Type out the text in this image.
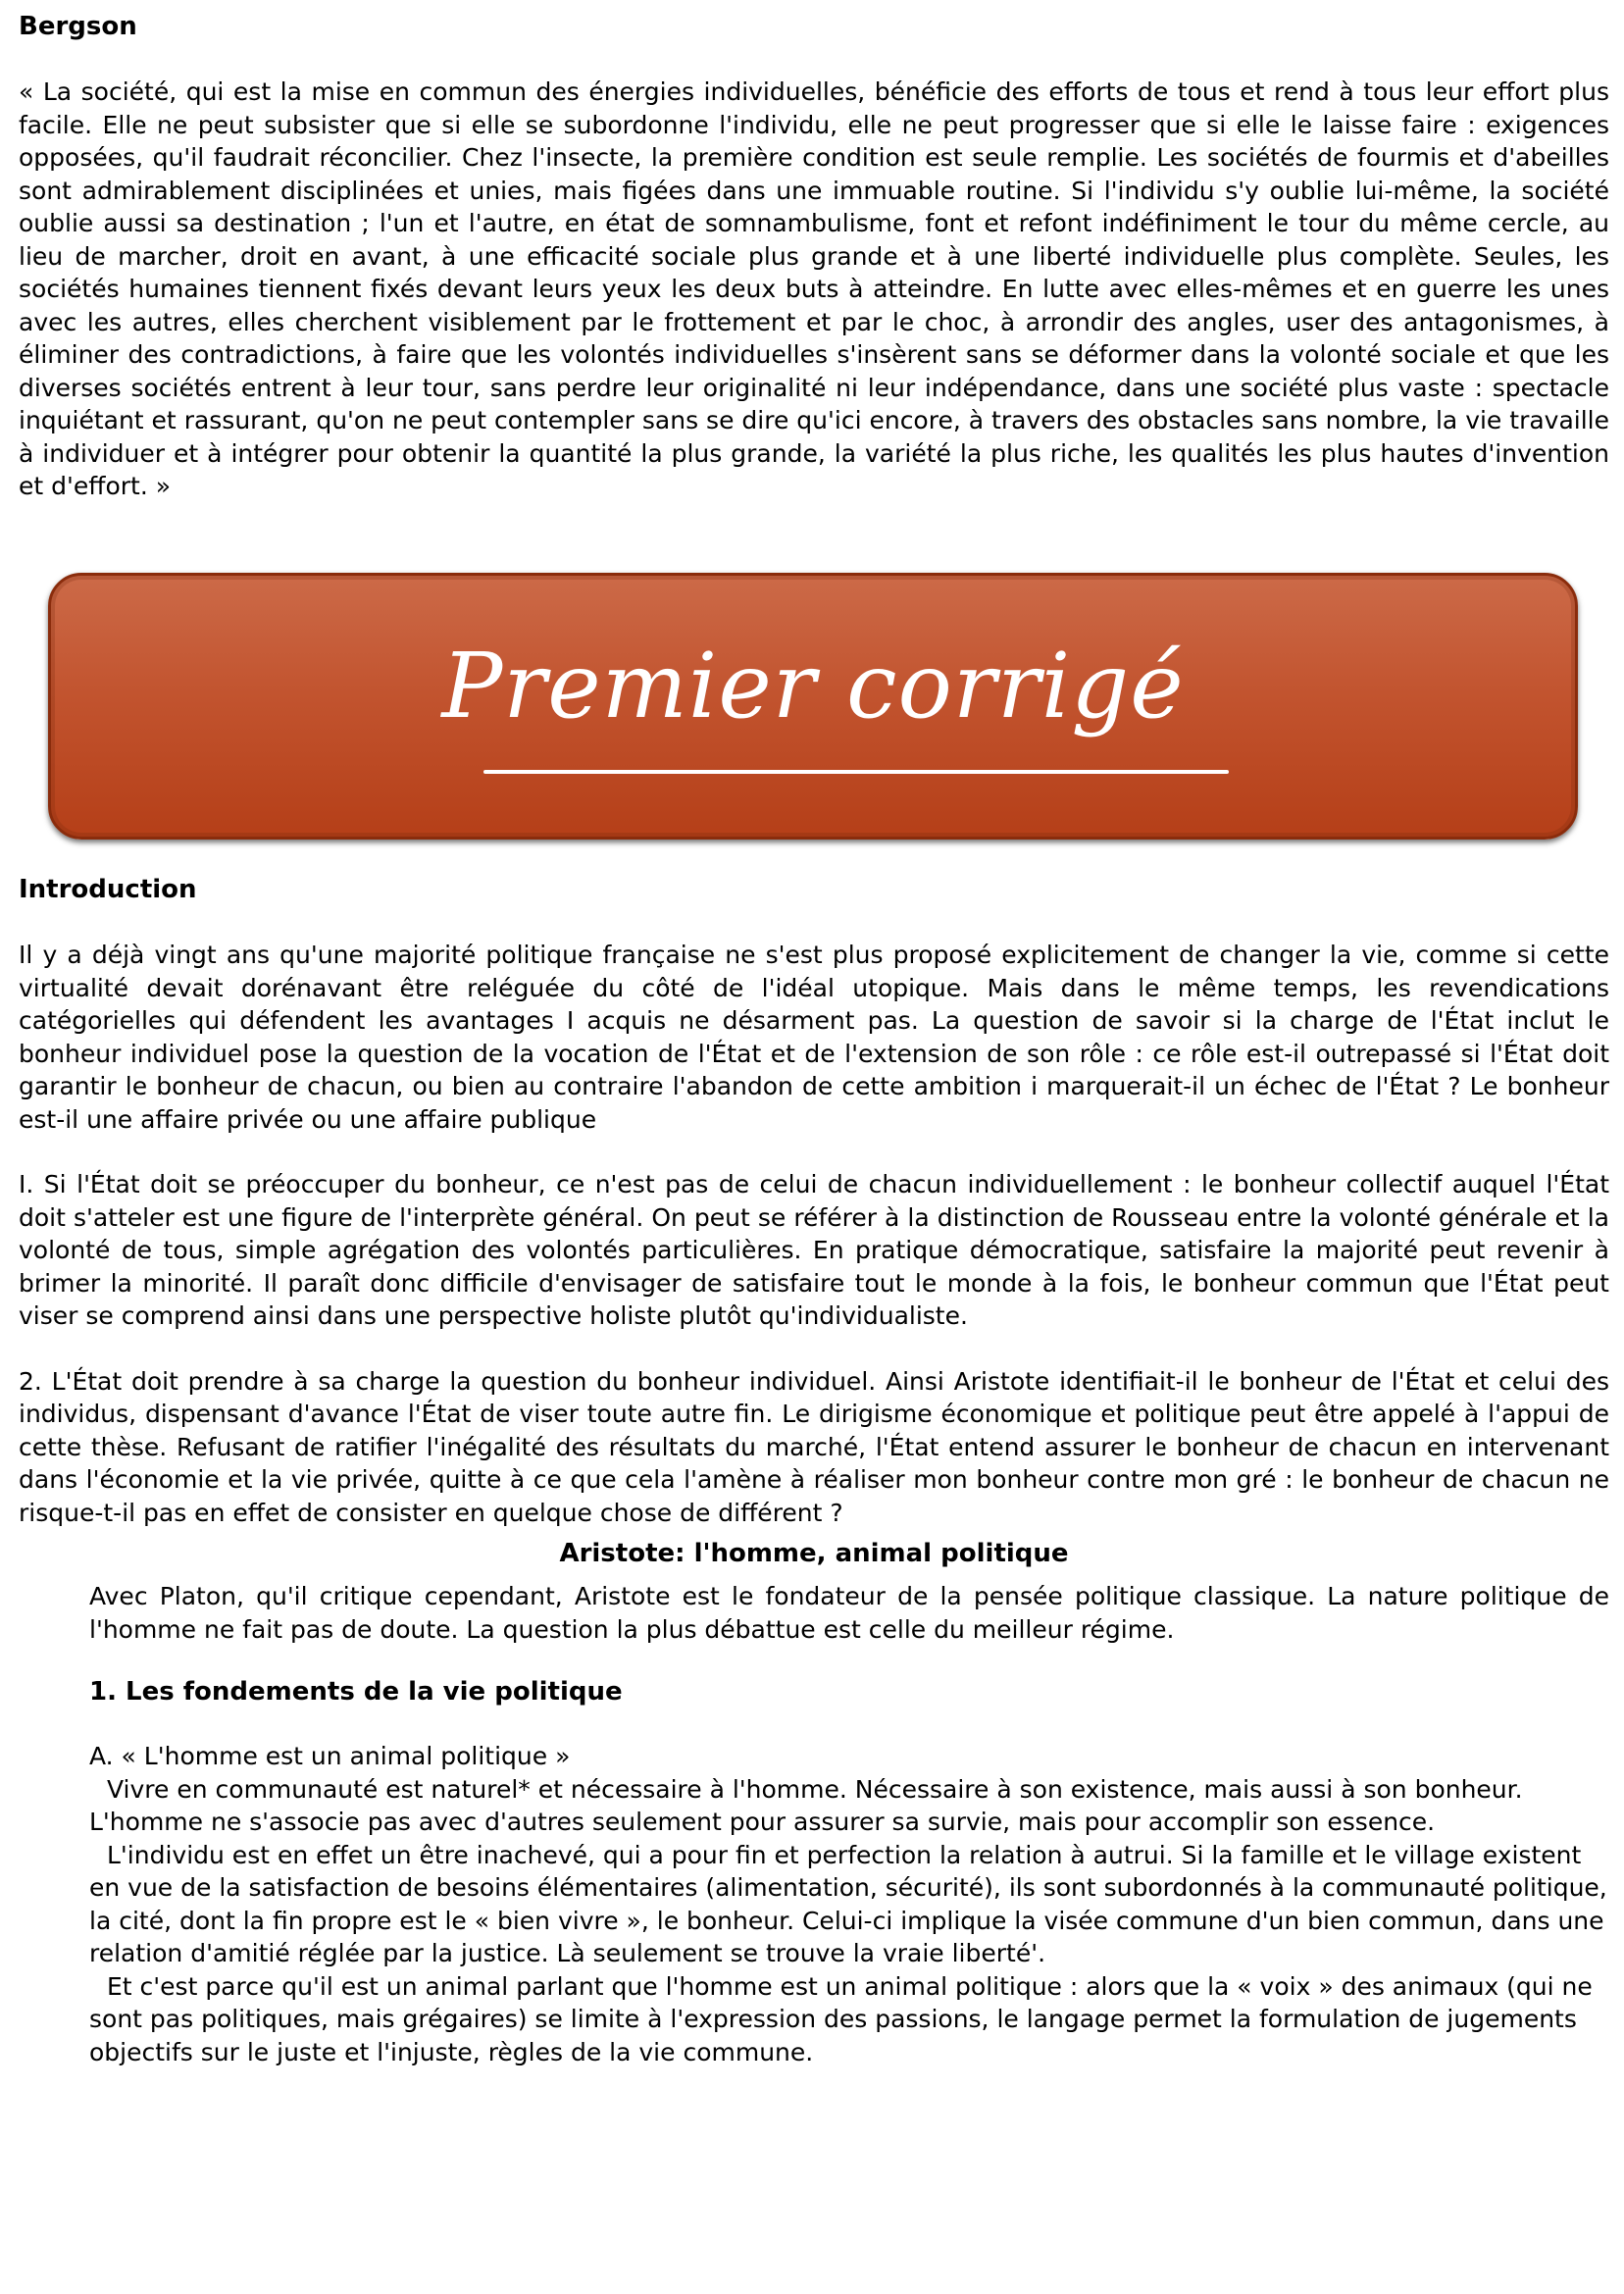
Bergson

« La société, qui est la mise en commun des énergies individuelles, bénéficie des efforts de tous et rend à tous leur effort plus facile. Elle ne peut subsister que si elle se subordonne l'individu, elle ne peut progresser que si elle le laisse faire : exigences opposées, qu'il faudrait réconcilier. Chez l'insecte, la première condition est seule remplie. Les sociétés de fourmis et d'abeilles sont admirablement disciplinées et unies, mais figées dans une immuable routine. Si l'individu s'y oublie lui-même, la société oublie aussi sa destination ; l'un et l'autre, en état de somnambulisme, font et refont indéfiniment le tour du même cercle, au lieu de marcher, droit en avant, à une efficacité sociale plus grande et à une liberté individuelle plus complète. Seules, les sociétés humaines tiennent fixés devant leurs yeux les deux buts à atteindre. En lutte avec elles-mêmes et en guerre les unes avec les autres, elles cherchent visiblement par le frottement et par le choc, à arrondir des angles, user des antagonismes, à éliminer des contradictions, à faire que les volontés individuelles s'insèrent sans se déformer dans la volonté sociale et que les diverses sociétés entrent à leur tour, sans perdre leur originalité ni leur indépendance, dans une société plus vaste : spectacle inquiétant et rassurant, qu'on ne peut contempler sans se dire qu'ici encore, à travers des obstacles sans nombre, la vie travaille à individuer et à intégrer pour obtenir la quantité la plus grande, la variété la plus riche, les qualités les plus hautes d'invention et d'effort. »

Premier corrigé

Introduction

Il y a déjà vingt ans qu'une majorité politique française ne s'est plus proposé explicitement de changer la vie, comme si cette virtualité devait dorénavant être reléguée du côté de l'idéal utopique. Mais dans le même temps, les revendications catégorielles qui défendent les avantages I acquis ne désarment pas. La question de savoir si la charge de l'État inclut le bonheur individuel pose la question de la vocation de l'État et de l'extension de son rôle : ce rôle est-il outrepassé si l'État doit garantir le bonheur de chacun, ou bien au contraire l'abandon de cette ambition i marquerait-il un échec de l'État ? Le bonheur est-il une affaire privée ou une affaire publique

I. Si l'État doit se préoccuper du bonheur, ce n'est pas de celui de chacun individuellement : le bonheur collectif auquel l'État doit s'atteler est une figure de l'interprète général. On peut se référer à la distinction de Rousseau entre la volonté générale et la volonté de tous, simple agrégation des volontés particulières. En pratique démocratique, satisfaire la majorité peut revenir à brimer la minorité. Il paraît donc difficile d'envisager de satisfaire tout le monde à la fois, le bonheur commun que l'État peut viser se comprend ainsi dans une perspective holiste plutôt qu'individualiste.

2. L'État doit prendre à sa charge la question du bonheur individuel. Ainsi Aristote identifiait-il le bonheur de l'État et celui des individus, dispensant d'avance l'État de viser toute autre fin. Le dirigisme économique et politique peut être appelé à l'appui de cette thèse. Refusant de ratifier l'inégalité des résultats du marché, l'État entend assurer le bonheur de chacun en intervenant dans l'économie et la vie privée, quitte à ce que cela l'amène à réaliser mon bonheur contre mon gré : le bonheur de chacun ne risque-t-il pas en effet de consister en quelque chose de différent ?

Aristote: l'homme, animal politique

Avec Platon, qu'il critique cependant, Aristote est le fondateur de la pensée politique classique. La nature politique de l'homme ne fait pas de doute. La question la plus débattue est celle du meilleur régime.

1. Les fondements de la vie politique

A. « L'homme est un animal politique »

Vivre en communauté est naturel* et nécessaire à l'homme. Nécessaire à son existence, mais aussi à son bonheur. L'homme ne s'associe pas avec d'autres seulement pour assurer sa survie, mais pour accomplir son essence.

L'individu est en effet un être inachevé, qui a pour fin et perfection la relation à autrui. Si la famille et le village existent en vue de la satisfaction de besoins élémentaires (alimentation, sécurité), ils sont subordonnés à la communauté politique, la cité, dont la fin propre est le « bien vivre », le bonheur. Celui-ci implique la visée commune d'un bien commun, dans une relation d'amitié réglée par la justice. Là seulement se trouve la vraie liberté'.

Et c'est parce qu'il est un animal parlant que l'homme est un animal politique : alors que la « voix » des animaux (qui ne sont pas politiques, mais grégaires) se limite à l'expression des passions, le langage permet la formulation de jugements objectifs sur le juste et l'injuste, règles de la vie commune.
